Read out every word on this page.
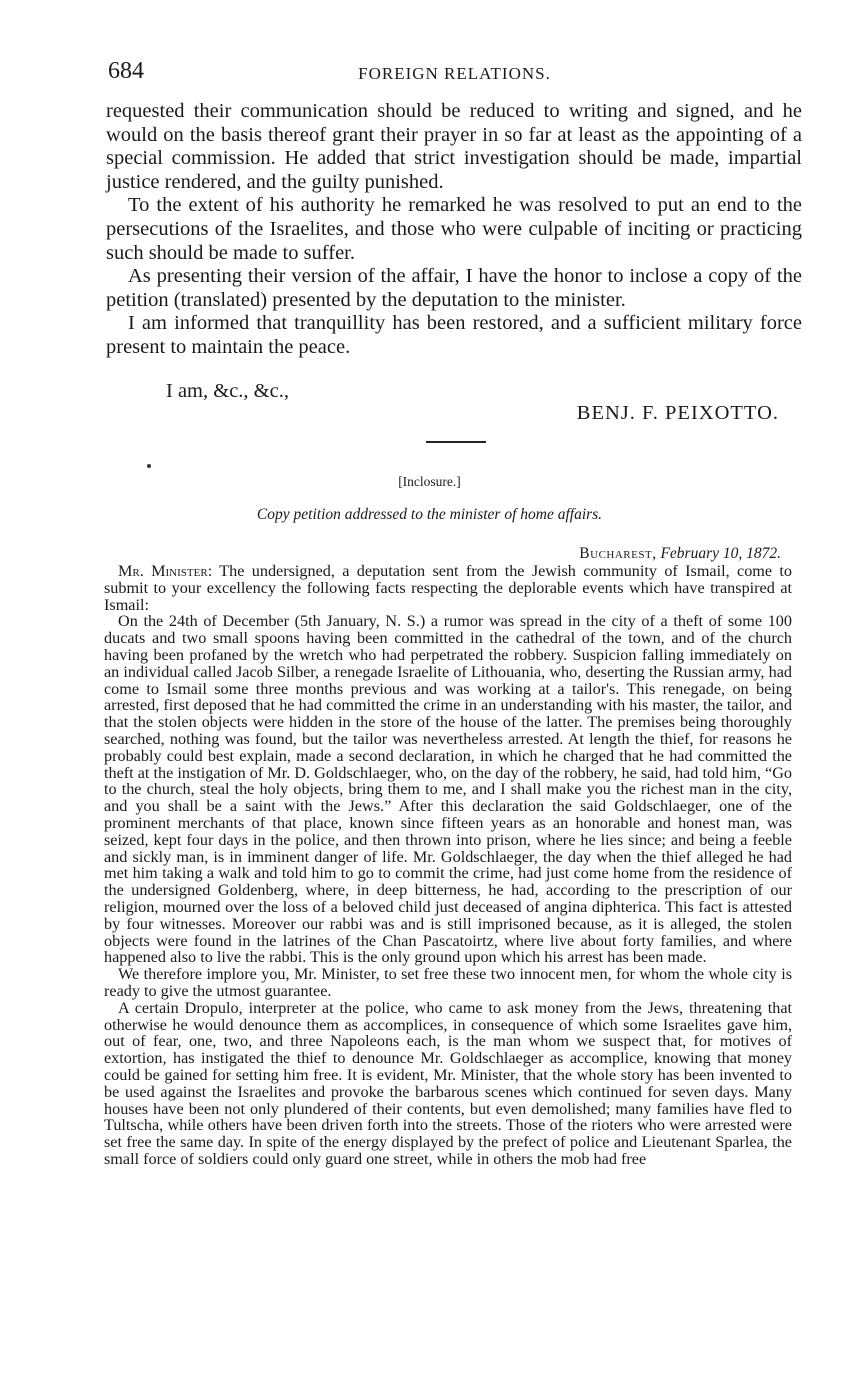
684	FOREIGN RELATIONS.

requested their communication should be reduced to writing and signed, and he would on the basis thereof grant their prayer in so far at least as the appointing of a special commission. He added that strict investigation should be made, impartial justice rendered, and the guilty punished.

To the extent of his authority he remarked he was resolved to put an end to the persecutions of the Israelites, and those who were culpable of inciting or practicing such should be made to suffer.

As presenting their version of the affair, I have the honor to inclose a copy of the petition (translated) presented by the deputation to the minister.

I am informed that tranquillity has been restored, and a sufficient military force present to maintain the peace.

I am, &c., &c.,
BENJ. F. PEIXOTTO.
[Inclosure.]
Copy petition addressed to the minister of home affairs.
Bucharest, February 10, 1872.

Mr. Minister: The undersigned, a deputation sent from the Jewish community of Ismail, come to submit to your excellency the following facts respecting the deplorable events which have transpired at Ismail:

On the 24th of December (5th January, N. S.) a rumor was spread in the city of a theft of some 100 ducats and two small spoons having been committed in the cathedral of the town, and of the church having been profaned by the wretch who had perpetrated the robbery. Suspicion falling immediately on an individual called Jacob Silber, a renegade Israelite of Lithouania, who, deserting the Russian army, had come to Ismail some three months previous and was working at a tailor's. This renegade, on being arrested, first deposed that he had committed the crime in an understanding with his master, the tailor, and that the stolen objects were hidden in the store of the house of the latter. The premises being thoroughly searched, nothing was found, but the tailor was nevertheless arrested. At length the thief, for reasons he probably could best explain, made a second declaration, in which he charged that he had committed the theft at the instigation of Mr. D. Goldschlaeger, who, on the day of the robbery, he said, had told him, “Go to the church, steal the holy objects, bring them to me, and I shall make you the richest man in the city, and you shall be a saint with the Jews.” After this declaration the said Goldschlaeger, one of the prominent merchants of that place, known since fifteen years as an honorable and honest man, was seized, kept four days in the police, and then thrown into prison, where he lies since; and being a feeble and sickly man, is in imminent danger of life. Mr. Goldschlaeger, the day when the thief alleged he had met him taking a walk and told him to go to commit the crime, had just come home from the residence of the undersigned Goldenberg, where, in deep bitterness, he had, according to the prescription of our religion, mourned over the loss of a beloved child just deceased of angina diphterica. This fact is attested by four witnesses. Moreover our rabbi was and is still imprisoned because, as it is alleged, the stolen objects were found in the latrines of the Chan Pascatoirtz, where live about forty families, and where happened also to live the rabbi. This is the only ground upon which his arrest has been made.

We therefore implore you, Mr. Minister, to set free these two innocent men, for whom the whole city is ready to give the utmost guarantee.

A certain Dropulo, interpreter at the police, who came to ask money from the Jews, threatening that otherwise he would denounce them as accomplices, in consequence of which some Israelites gave him, out of fear, one, two, and three Napoleons each, is the man whom we suspect that, for motives of extortion, has instigated the thief to denounce Mr. Goldschlaeger as accomplice, knowing that money could be gained for setting him free. It is evident, Mr. Minister, that the whole story has been invented to be used against the Israelites and provoke the barbarous scenes which continued for seven days. Many houses have been not only plundered of their contents, but even demolished; many families have fled to Tultscha, while others have been driven forth into the streets. Those of the rioters who were arrested were set free the same day. In spite of the energy displayed by the prefect of police and Lieutenant Sparlea, the small force of soldiers could only guard one street, while in others the mob had free
